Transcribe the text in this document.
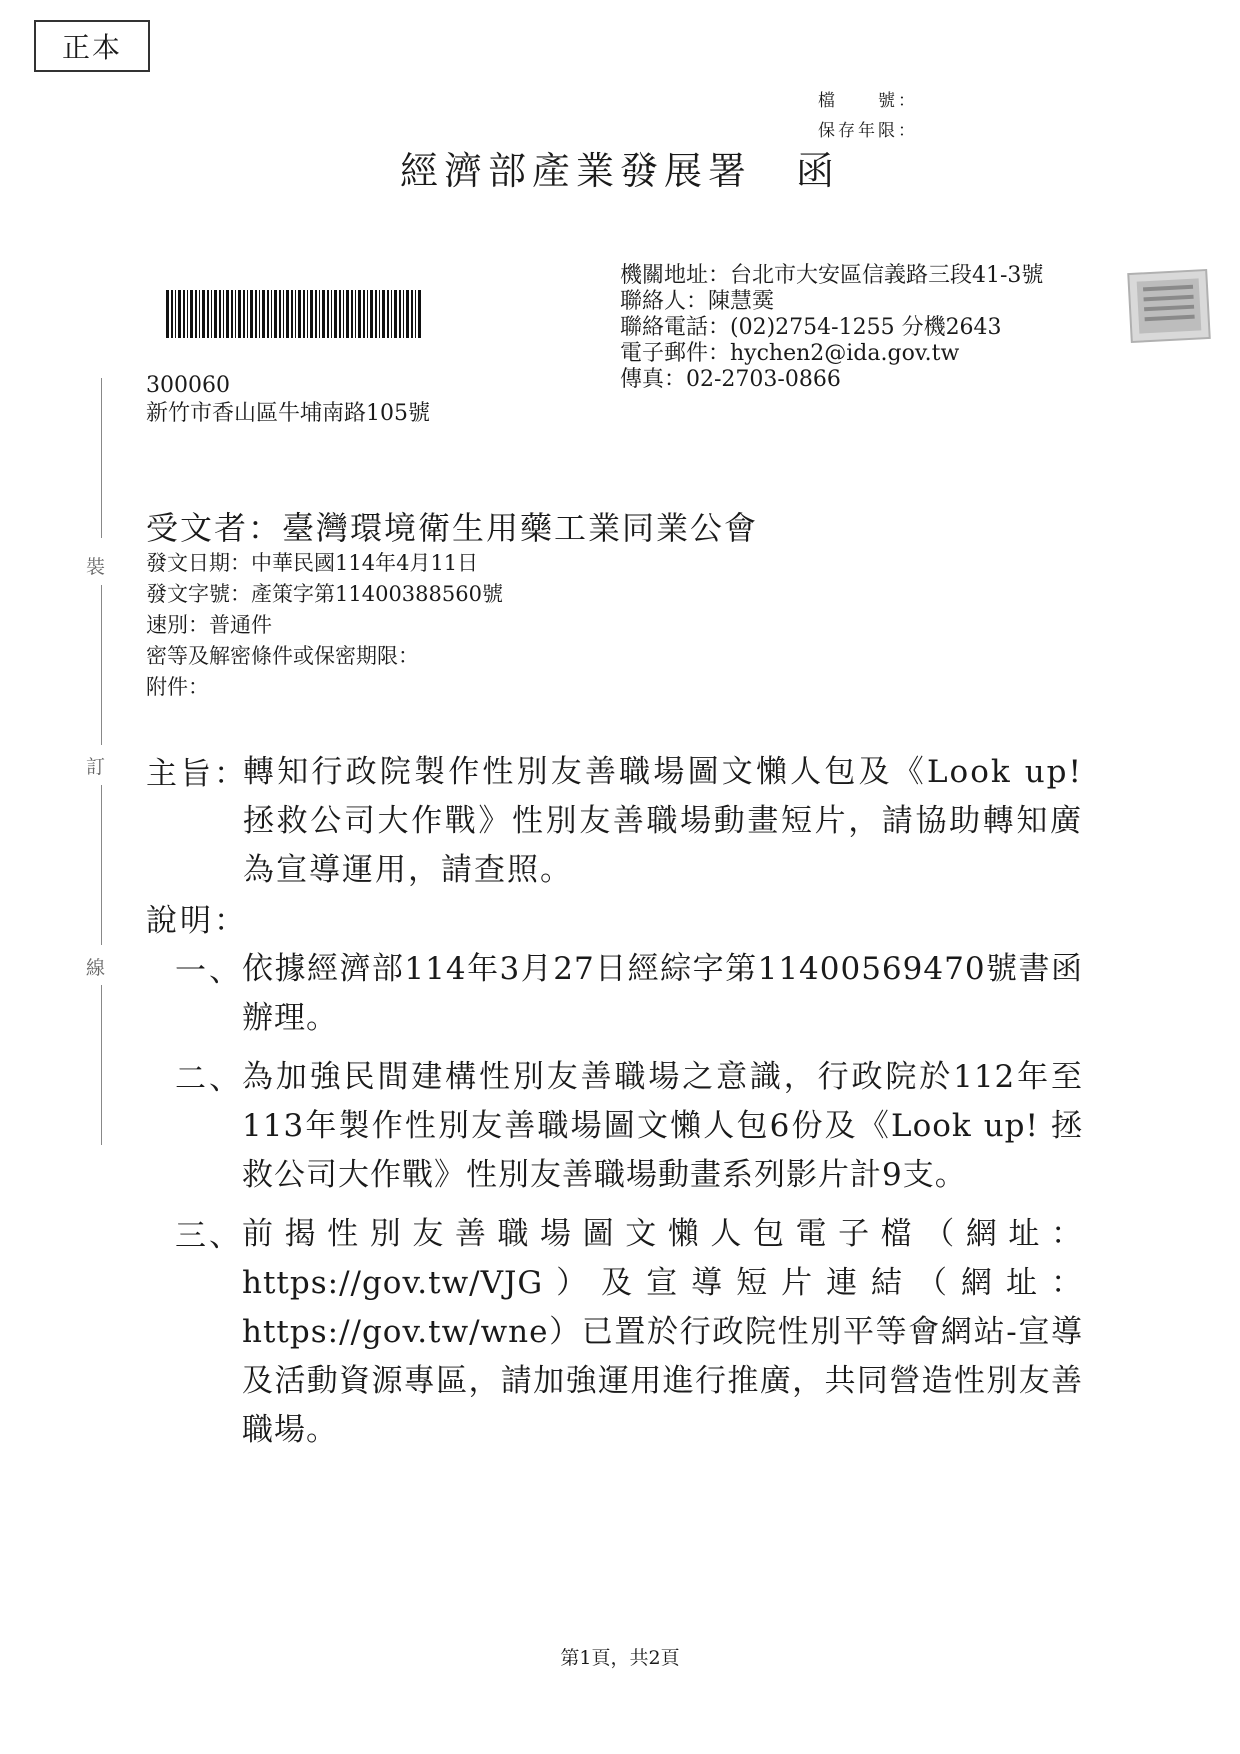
正本
檔　　號：
保存年限：
經濟部產業發展署　函
機關地址：台北市大安區信義路三段41-3號
聯絡人：陳慧霙
聯絡電話：(02)2754-1255 分機2643
電子郵件：hychen2@ida.gov.tw
傳真：02-2703-0866
300060
新竹市香山區牛埔南路105號
裝
訂
線
受文者：臺灣環境衛生用藥工業同業公會
發文日期：中華民國114年4月11日
發文字號：產策字第11400388560號
速別：普通件
密等及解密條件或保密期限：
附件：
主旨：
轉知行政院製作性別友善職場圖文懶人包及《Look up! 拯救公司大作戰》性別友善職場動畫短片，請協助轉知廣為宣導運用，請查照。
說明：
一、 依據經濟部114年3月27日經綜字第11400569470號書函辦理。
二、 為加強民間建構性別友善職場之意識，行政院於112年至113年製作性別友善職場圖文懶人包6份及《Look up! 拯救公司大作戰》性別友善職場動畫系列影片計9支。
三、 前揭性別友善職場圖文懶人包電子檔（網址：https://gov.tw/VJG）及宣導短片連結（網址：https://gov.tw/wne）已置於行政院性別平等會網站-宣導及活動資源專區，請加強運用進行推廣，共同營造性別友善職場。
第1頁，共2頁
